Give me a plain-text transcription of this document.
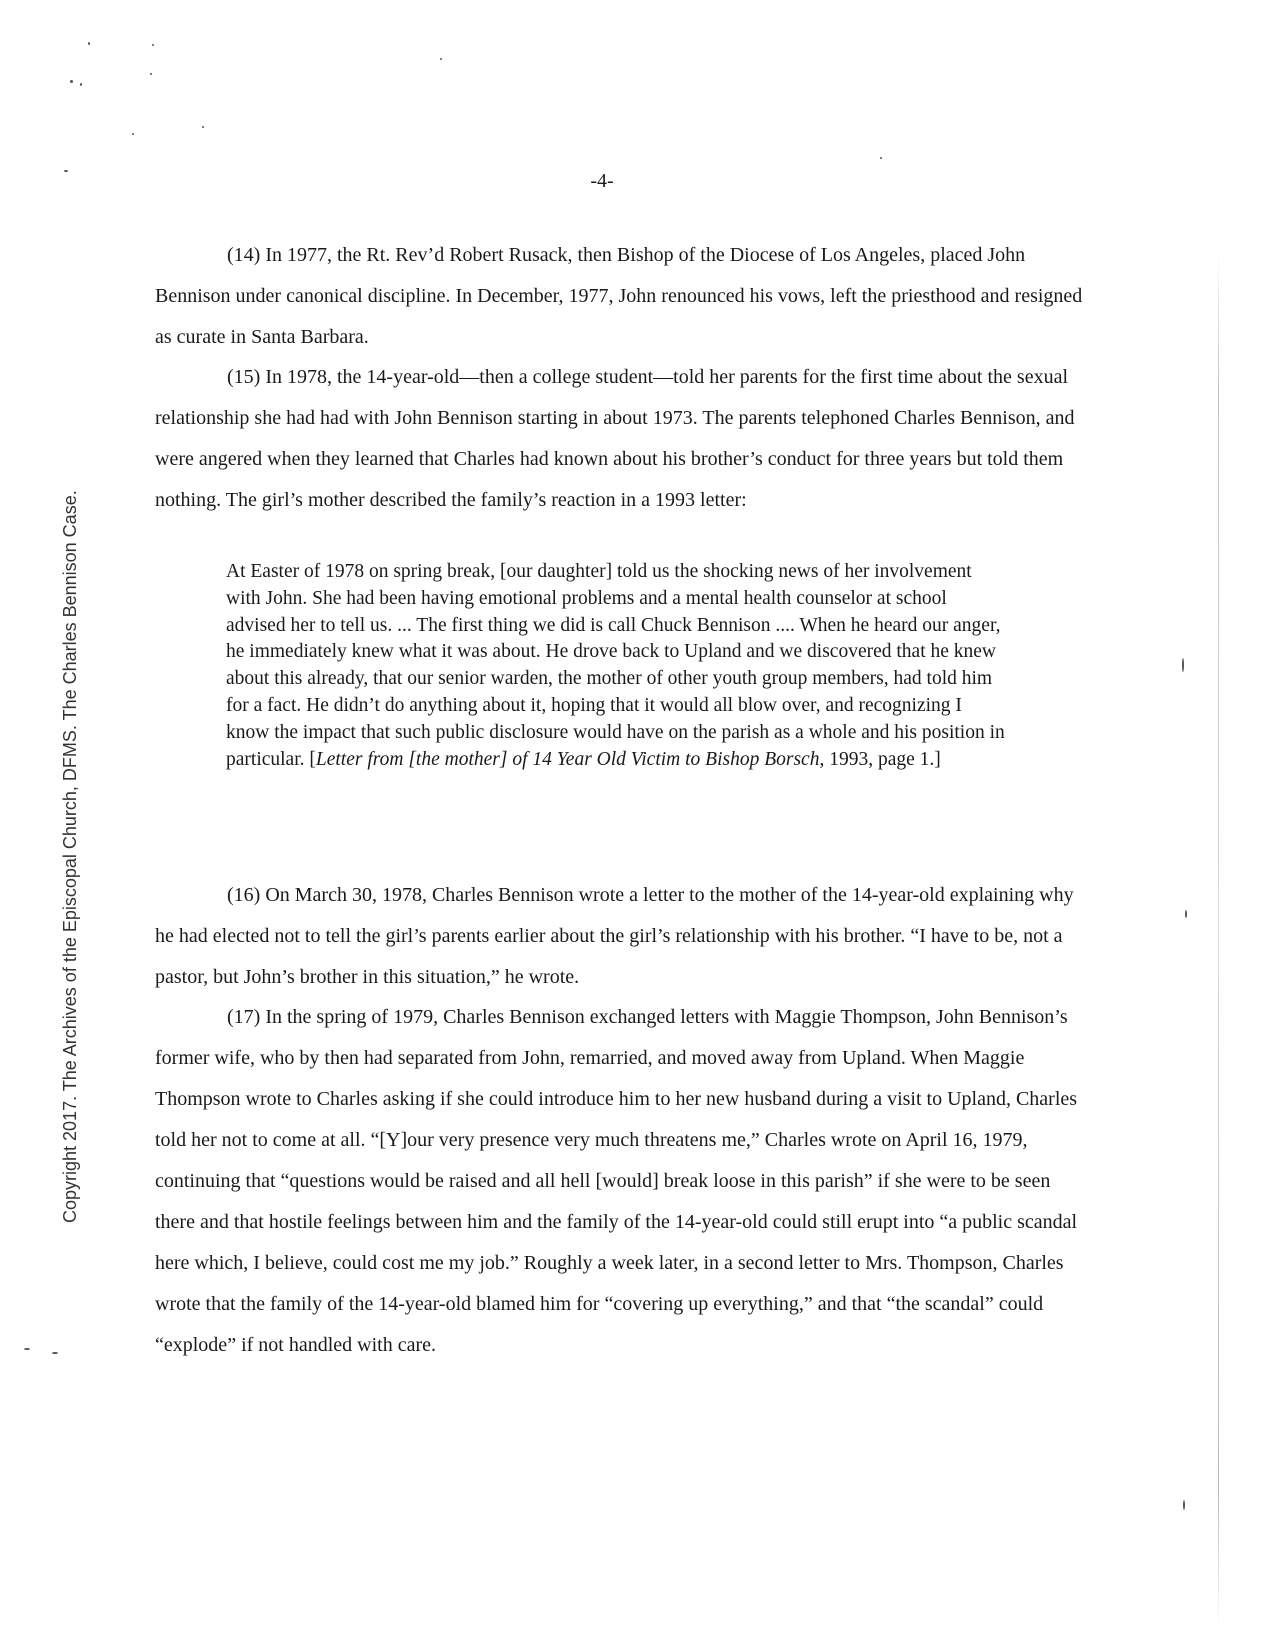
-4-
Copyright 2017. The Archives of the Episcopal Church, DFMS. The Charles Bennison Case.

(14) In 1977, the Rt. Rev’d Robert Rusack, then Bishop of the Diocese of Los Angeles, placed John Bennison under canonical discipline. In December, 1977, John renounced his vows, left the priesthood and resigned as curate in Santa Barbara.

(15) In 1978, the 14-year-old—then a college student—told her parents for the first time about the sexual relationship she had had with John Bennison starting in about 1973. The parents telephoned Charles Bennison, and were angered when they learned that Charles had known about his brother’s conduct for three years but told them nothing. The girl’s mother described the family’s reaction in a 1993 letter:

At Easter of 1978 on spring break, [our daughter] told us the shocking news of her involvement with John. She had been having emotional problems and a mental health counselor at school advised her to tell us. ... The first thing we did is call Chuck Bennison .... When he heard our anger, he immediately knew what it was about. He drove back to Upland and we discovered that he knew about this already, that our senior warden, the mother of other youth group members, had told him for a fact. He didn’t do anything about it, hoping that it would all blow over, and recognizing I know the impact that such public disclosure would have on the parish as a whole and his position in particular. [Letter from [the mother] of 14 Year Old Victim to Bishop Borsch, 1993, page 1.]

(16) On March 30, 1978, Charles Bennison wrote a letter to the mother of the 14-year-old explaining why he had elected not to tell the girl’s parents earlier about the girl’s relationship with his brother. “I have to be, not a pastor, but John’s brother in this situation,” he wrote.

(17) In the spring of 1979, Charles Bennison exchanged letters with Maggie Thompson, John Bennison’s former wife, who by then had separated from John, remarried, and moved away from Upland. When Maggie Thompson wrote to Charles asking if she could introduce him to her new husband during a visit to Upland, Charles told her not to come at all. “[Y]our very presence very much threatens me,” Charles wrote on April 16, 1979, continuing that “questions would be raised and all hell [would] break loose in this parish” if she were to be seen there and that hostile feelings between him and the family of the 14-year-old could still erupt into “a public scandal here which, I believe, could cost me my job.” Roughly a week later, in a second letter to Mrs. Thompson, Charles wrote that the family of the 14-year-old blamed him for “covering up everything,” and that “the scandal” could “explode” if not handled with care.
